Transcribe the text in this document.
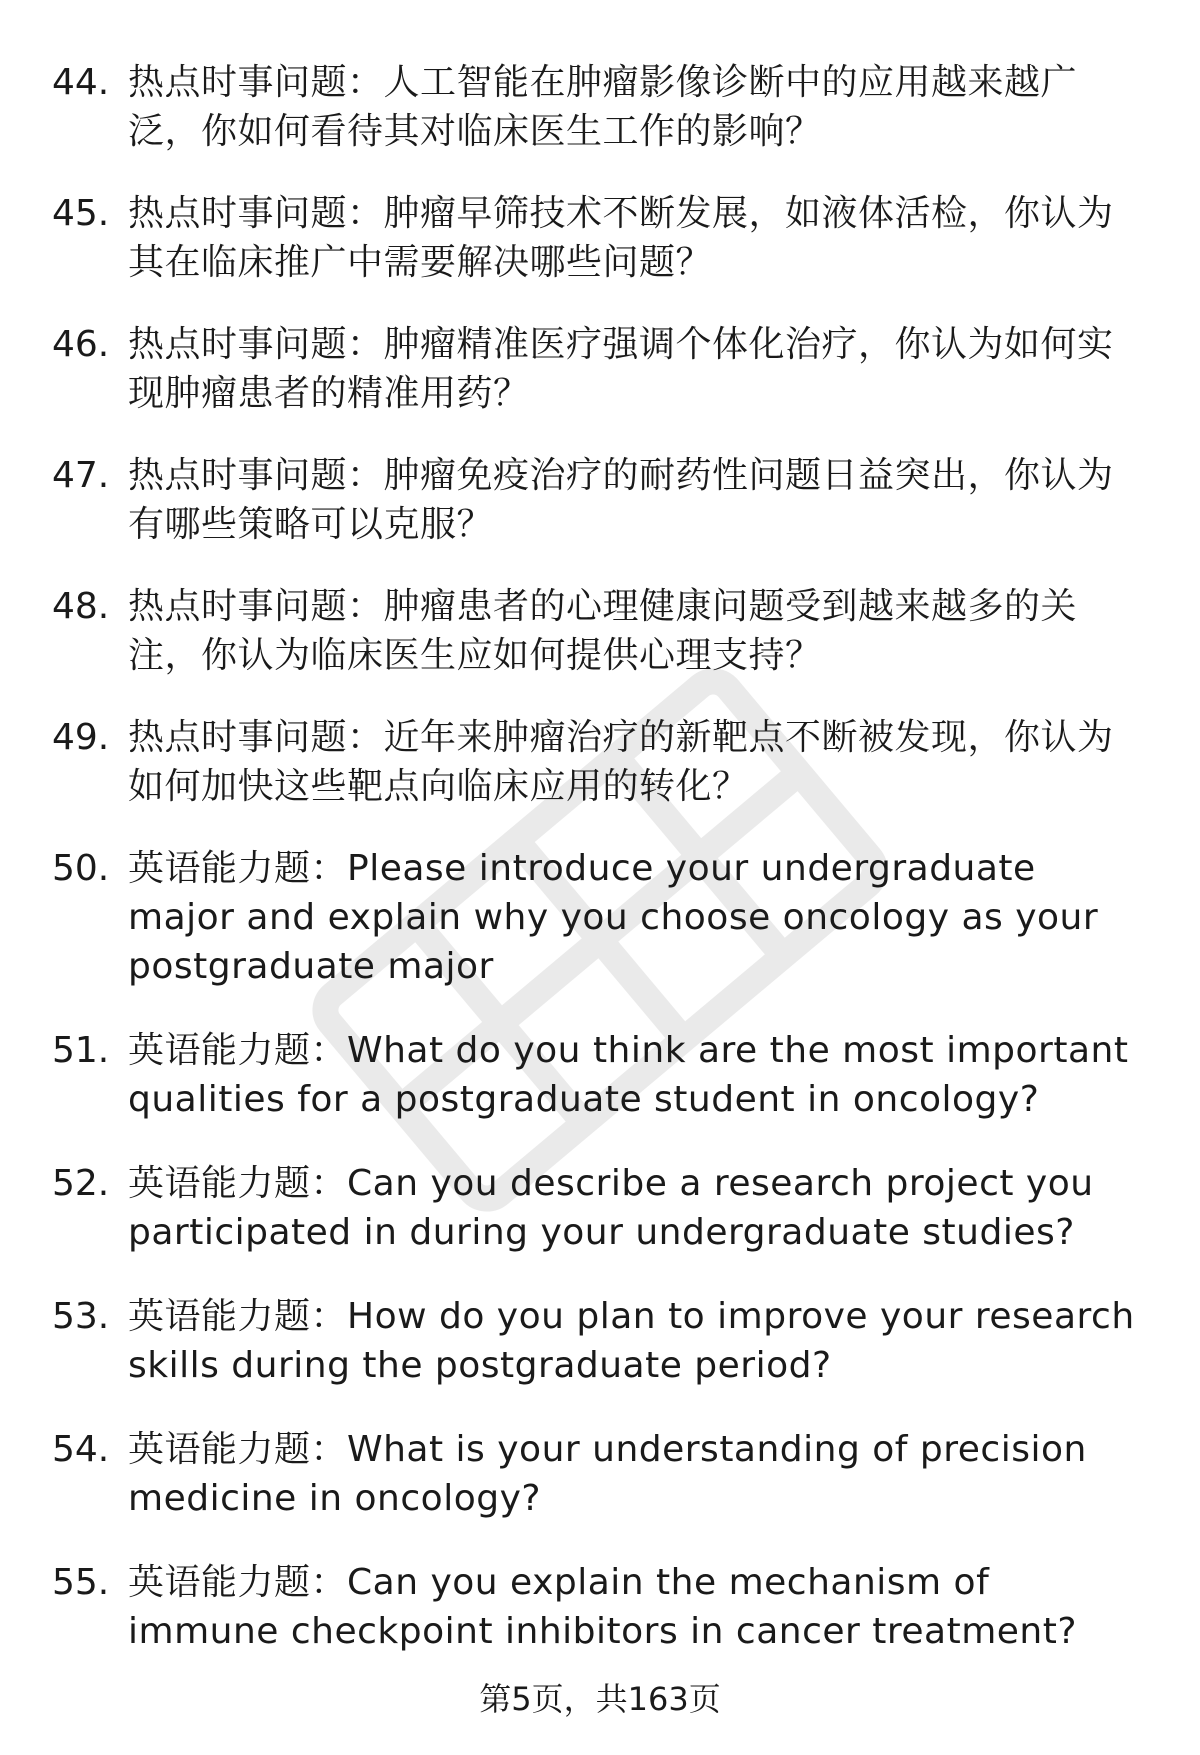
44. 热点时事问题：人工智能在肿瘤影像诊断中的应用越来越广泛，你如何看待其对临床医生工作的影响？
45. 热点时事问题：肿瘤早筛技术不断发展，如液体活检，你认为其在临床推广中需要解决哪些问题？
46. 热点时事问题：肿瘤精准医疗强调个体化治疗，你认为如何实现肿瘤患者的精准用药？
47. 热点时事问题：肿瘤免疫治疗的耐药性问题日益突出，你认为有哪些策略可以克服？
48. 热点时事问题：肿瘤患者的心理健康问题受到越来越多的关注，你认为临床医生应如何提供心理支持？
49. 热点时事问题：近年来肿瘤治疗的新靶点不断被发现，你认为如何加快这些靶点向临床应用的转化？
50. 英语能力题：Please introduce your undergraduate major and explain why you choose oncology as your postgraduate major
51. 英语能力题：What do you think are the most important qualities for a postgraduate student in oncology?
52. 英语能力题：Can you describe a research project you participated in during your undergraduate studies?
53. 英语能力题：How do you plan to improve your research skills during the postgraduate period?
54. 英语能力题：What is your understanding of precision medicine in oncology?
55. 英语能力题：Can you explain the mechanism of immune checkpoint inhibitors in cancer treatment?
第5页，共163页
